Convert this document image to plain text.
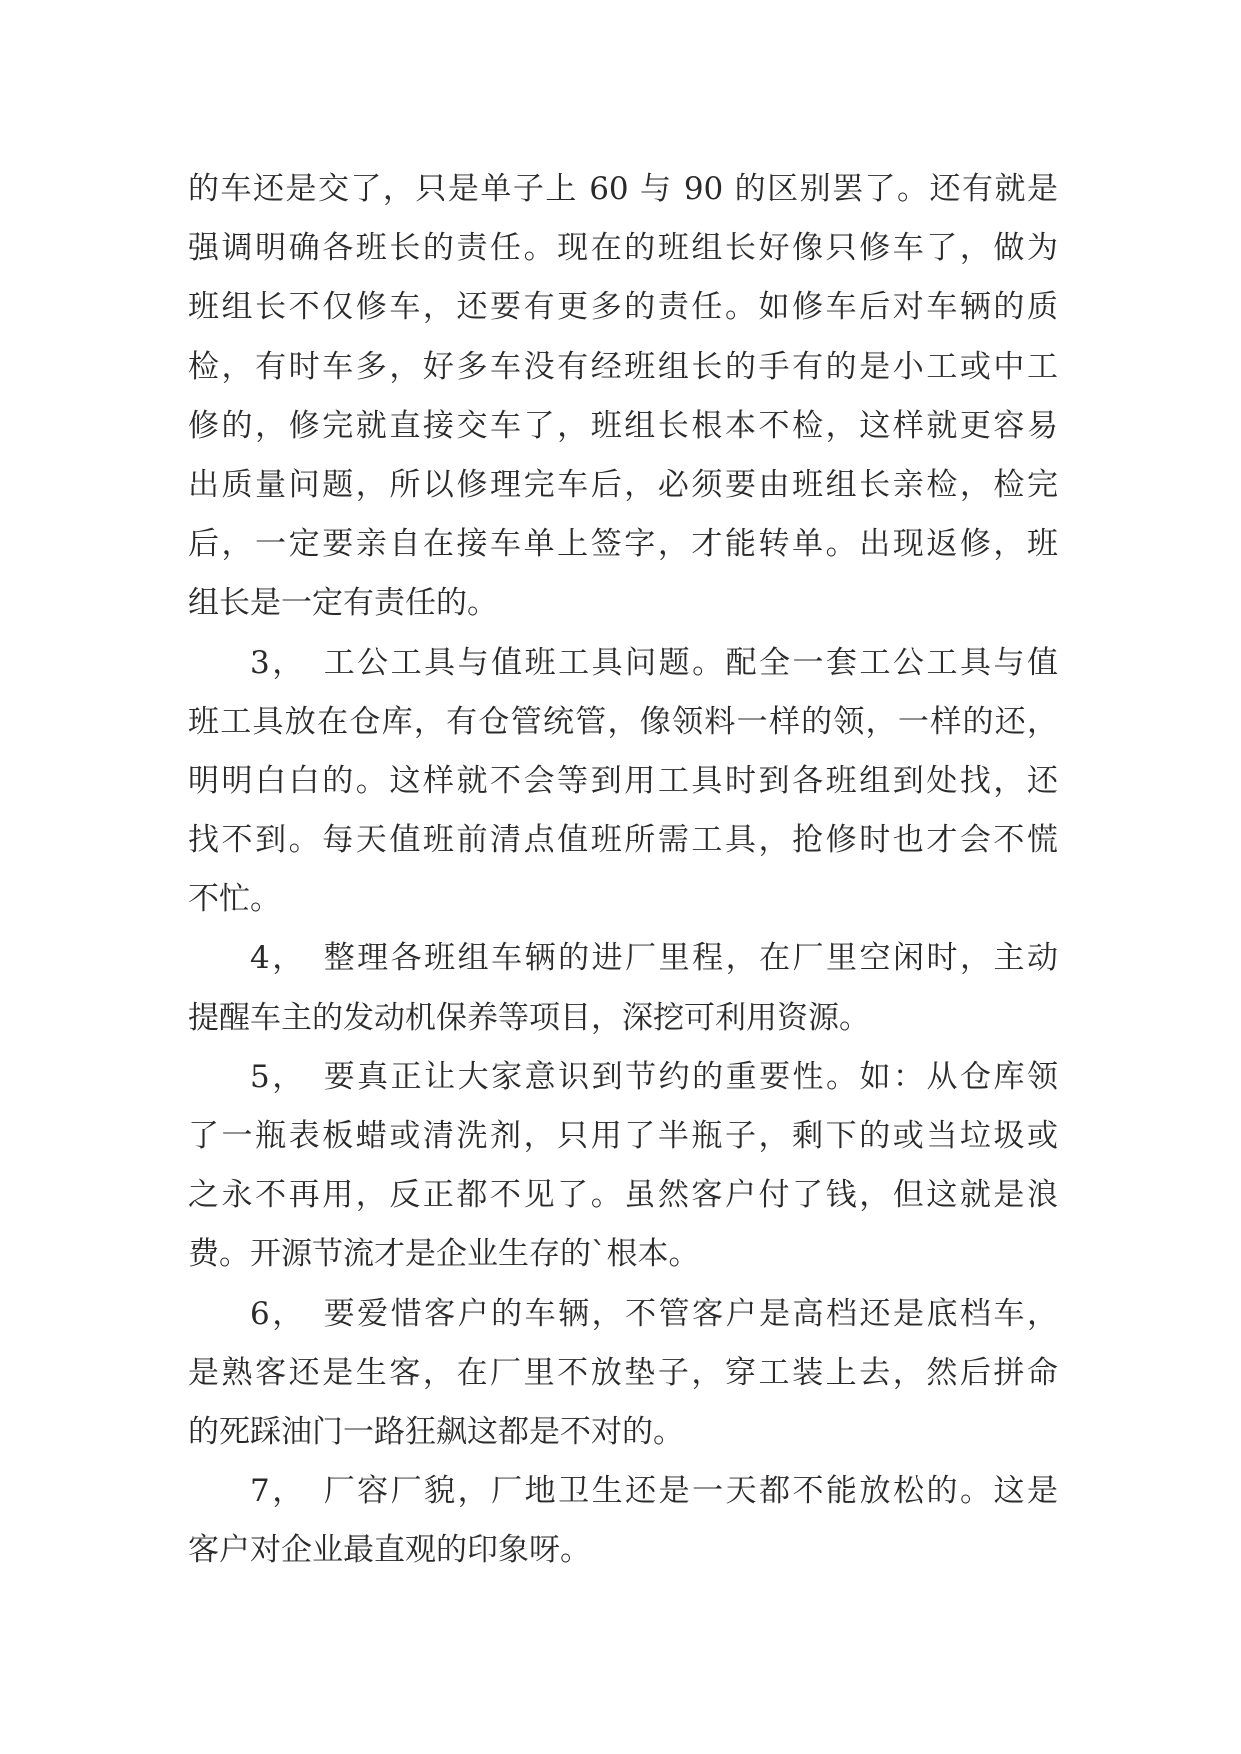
的车还是交了，只是单子上 60 与 90 的区别罢了。还有就是
强调明确各班长的责任。现在的班组长好像只修车了，做为
班组长不仅修车，还要有更多的责任。如修车后对车辆的质
检，有时车多，好多车没有经班组长的手有的是小工或中工
修的，修完就直接交车了，班组长根本不检，这样就更容易
出质量问题，所以修理完车后，必须要由班组长亲检，检完
后，一定要亲自在接车单上签字，才能转单。出现返修，班
组长是一定有责任的。
3，　工公工具与值班工具问题。配全一套工公工具与值
班工具放在仓库，有仓管统管，像领料一样的领，一样的还，
明明白白的。这样就不会等到用工具时到各班组到处找，还
找不到。每天值班前清点值班所需工具，抢修时也才会不慌
不忙。
4，　整理各班组车辆的进厂里程，在厂里空闲时，主动
提醒车主的发动机保养等项目，深挖可利用资源。
5，　要真正让大家意识到节约的重要性。如：从仓库领
了一瓶表板蜡或清洗剂，只用了半瓶子，剩下的或当垃圾或
之永不再用，反正都不见了。虽然客户付了钱，但这就是浪
费。开源节流才是企业生存的`根本。
6，　要爱惜客户的车辆，不管客户是高档还是底档车，
是熟客还是生客，在厂里不放垫子，穿工装上去，然后拼命
的死踩油门一路狂飙这都是不对的。
7，　厂容厂貌，厂地卫生还是一天都不能放松的。这是
客户对企业最直观的印象呀。
